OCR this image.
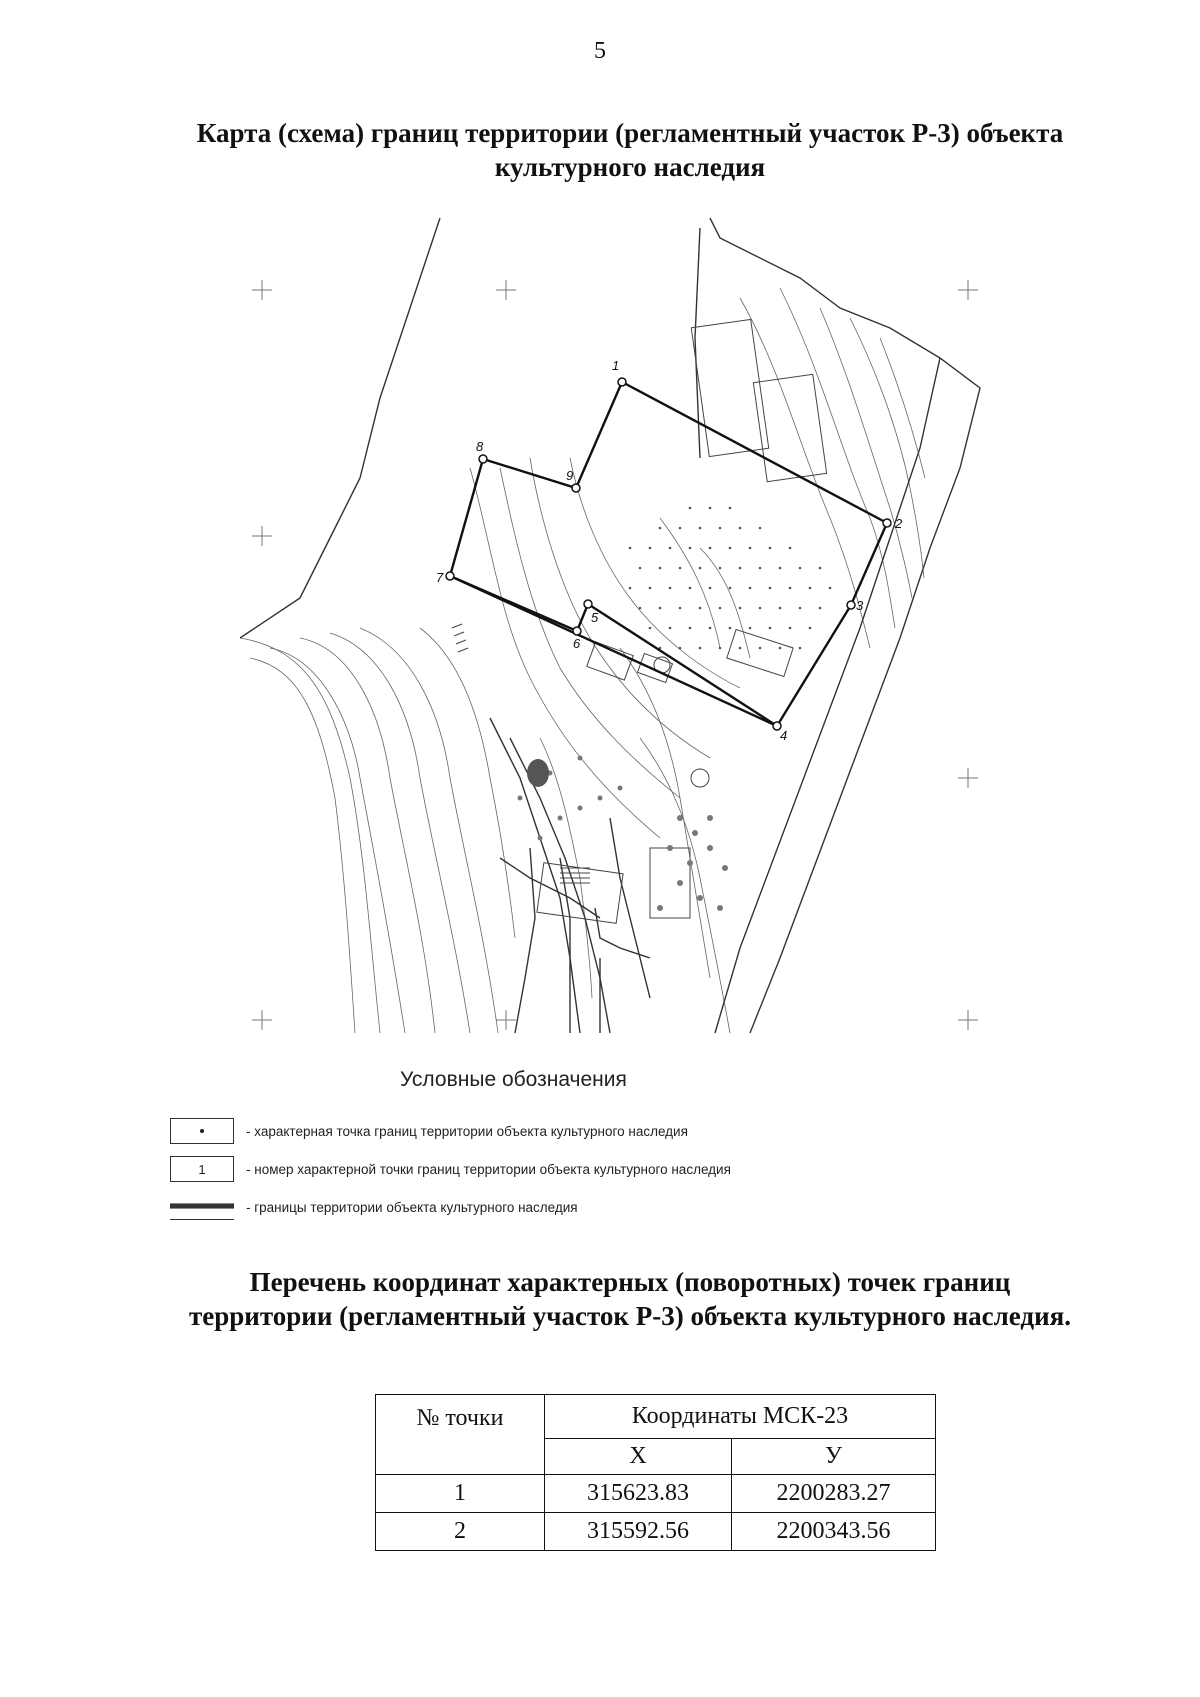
5
Карта (схема) границ территории (регламентный участок Р-3) объекта
культурного наследия
1
2
3
4
5
6
7
8
9
Условные обозначения
- характерная точка границ территории объекта культурного наследия
1	- номер характерной точки границ территории объекта культурного наследия
- границы территории объекта культурного наследия
Перечень координат характерных (поворотных) точек границ
территории (регламентный участок Р-3) объекта культурного наследия.
№ точки	Координаты МСК-23	
	Х	У
1	315623.83	2200283.27
2	315592.56	2200343.56
